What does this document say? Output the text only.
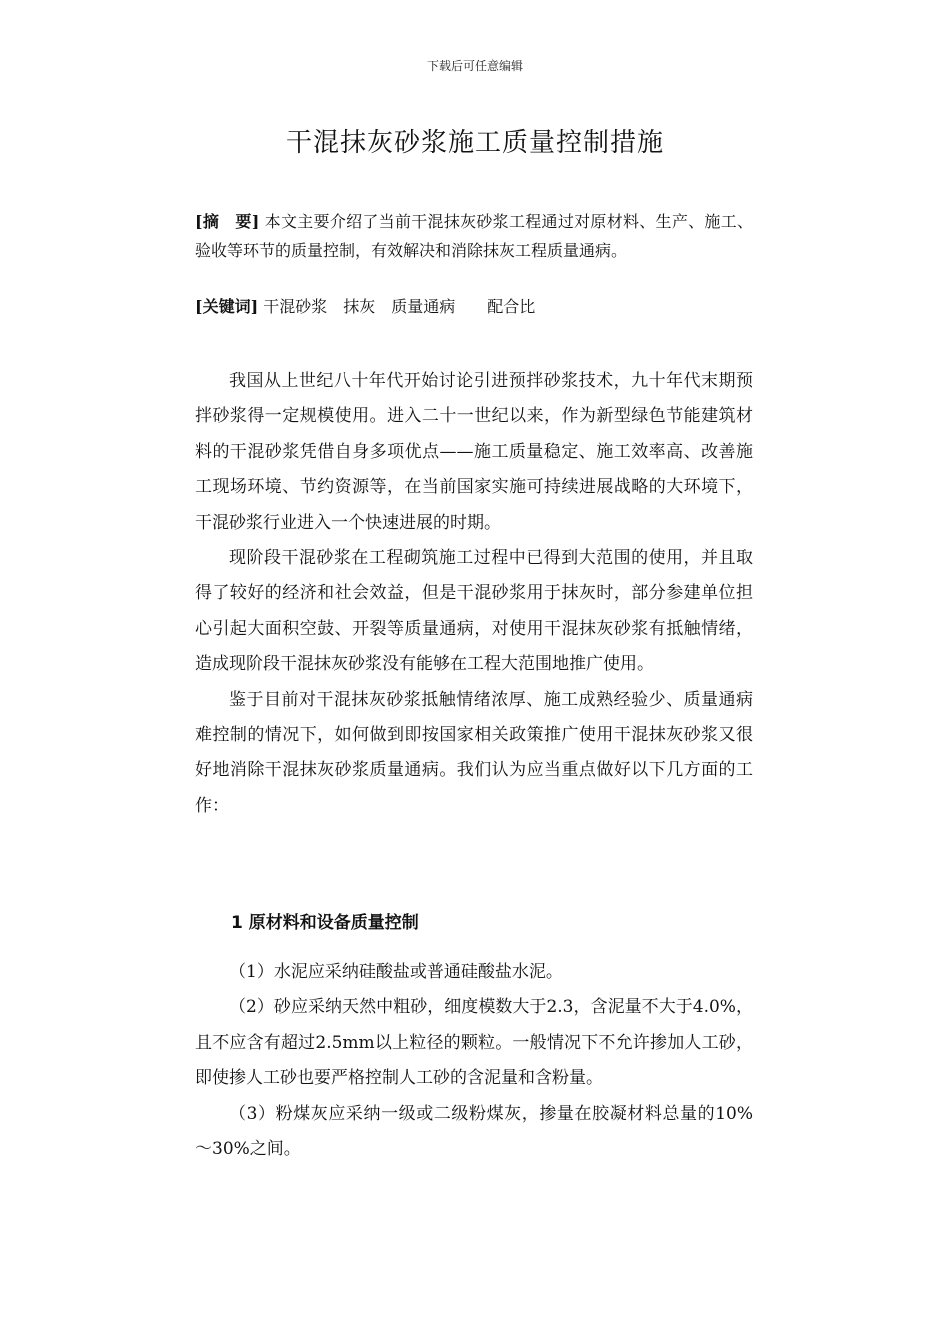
下载后可任意编辑
干混抹灰砂浆施工质量控制措施
[摘　要] 本文主要介绍了当前干混抹灰砂浆工程通过对原材料、生产、施工、验收等环节的质量控制，有效解决和消除抹灰工程质量通病。
[关键词] 干混砂浆　抹灰　质量通病　　配合比

我国从上世纪八十年代开始讨论引进预拌砂浆技术，九十年代末期预拌砂浆得一定规模使用。进入二十一世纪以来，作为新型绿色节能建筑材料的干混砂浆凭借自身多项优点——施工质量稳定、施工效率高、改善施工现场环境、节约资源等，在当前国家实施可持续进展战略的大环境下，干混砂浆行业进入一个快速进展的时期。

现阶段干混砂浆在工程砌筑施工过程中已得到大范围的使用，并且取得了较好的经济和社会效益，但是干混砂浆用于抹灰时，部分参建单位担心引起大面积空鼓、开裂等质量通病，对使用干混抹灰砂浆有抵触情绪，造成现阶段干混抹灰砂浆没有能够在工程大范围地推广使用。

鉴于目前对干混抹灰砂浆抵触情绪浓厚、施工成熟经验少、质量通病难控制的情况下，如何做到即按国家相关政策推广使用干混抹灰砂浆又很好地消除干混抹灰砂浆质量通病。我们认为应当重点做好以下几方面的工作：

1 原材料和设备质量控制

（1）水泥应采纳硅酸盐或普通硅酸盐水泥。

（2）砂应采纳天然中粗砂，细度模数大于2.3，含泥量不大于4.0%，且不应含有超过2.5mm以上粒径的颗粒。一般情况下不允许掺加人工砂，即使掺人工砂也要严格控制人工砂的含泥量和含粉量。

（3）粉煤灰应采纳一级或二级粉煤灰，掺量在胶凝材料总量的10%～30%之间。
